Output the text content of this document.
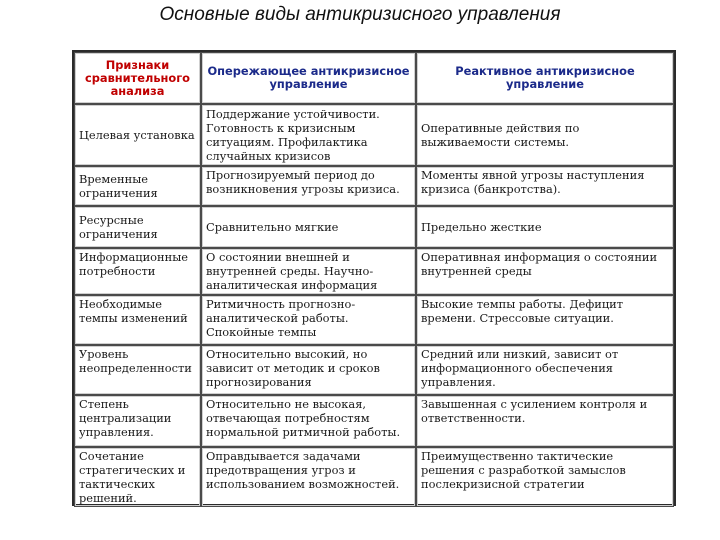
Основные виды антикризисного управления
Признаки сравнительного анализа	Опережающее антикризисное управление	Реактивное антикризисное управление
Целевая установка	Поддержание устойчивости. Готовность к кризисным ситуациям. Профилактика случайных кризисов	Оперативные действия по выживаемости системы.
Временные ограничения	Прогнозируемый период до возникновения угрозы кризиса.	Моменты явной угрозы наступления кризиса (банкротства).
Ресурсные ограничения	Сравнительно мягкие	Предельно жесткие
Информационные потребности	О состоянии внешней и внутренней среды. Научно-аналитическая информация	Оперативная информация о состоянии внутренней среды
Необходимые темпы изменений	Ритмичность прогнозно-аналитической работы. Спокойные темпы	Высокие темпы работы. Дефицит времени. Стрессовые ситуации.
Уровень неопределенности	Относительно высокий, но зависит от методик и сроков прогнозирования	Средний или низкий, зависит от информационного обеспечения управления.
Степень централизации управления.	Относительно не высокая, отвечающая потребностям нормальной ритмичной работы.	Завышенная с усилением контроля и ответственности.
Сочетание стратегических и тактических решений.	Оправдывается задачами предотвращения угроз и использованием возможностей.	Преимущественно тактические решения с разработкой замыслов послекризисной стратегии
